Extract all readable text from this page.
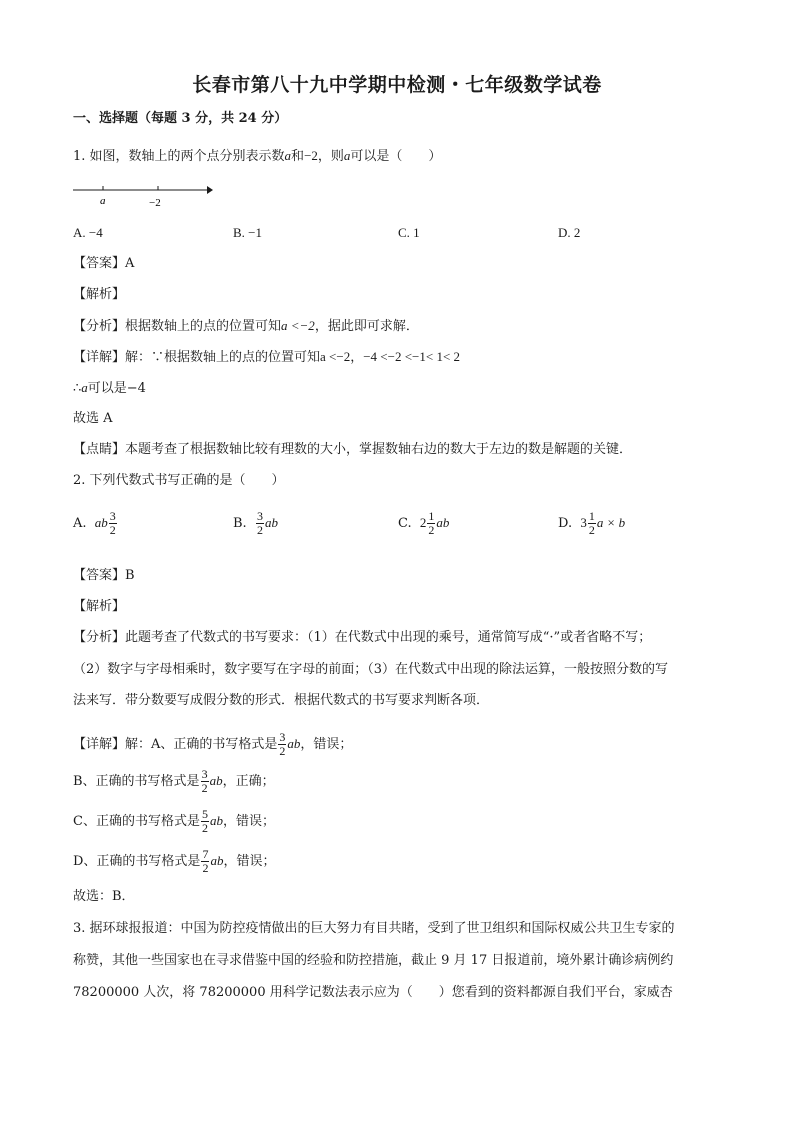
长春市第八十九中学期中检测・七年级数学试卷
一、选择题（每题 3 分，共 24 分）
1. 如图，数轴上的两个点分别表示数a和−2，则a可以是（　　）
a	−2
A. −4	B. −1	C. 1	D. 2
【答案】A
【解析】
【分析】根据数轴上的点的位置可知a <−2，据此即可求解．
【详解】解：∵根据数轴上的点的位置可知a <−2，−4 <−2 <−1< 1< 2
∴a可以是−4
故选 A
【点睛】本题考查了根据数轴比较有理数的大小，掌握数轴右边的数大于左边的数是解题的关键．
2. 下列代数式书写正确的是（　　）
A. ab $\frac{3}{2}$	B. $\frac{3}{2}$ ab	C. $2 \frac{1}{2}$ ab	D. $3 \frac{1}{2}$ a × b
【答案】B
【解析】
【分析】此题考查了代数式的书写要求：（1）在代数式中出现的乘号，通常简写成“·”或者省略不写；
（2）数字与字母相乘时，数字要写在字母的前面；（3）在代数式中出现的除法运算，一般按照分数的写
法来写．带分数要写成假分数的形式．根据代数式的书写要求判断各项．
【详解】解：A、正确的书写格式是 $\frac{3}{2}$ ab，错误；
B、正确的书写格式是 $\frac{3}{2}$ ab，正确；
C、正确的书写格式是 $\frac{5}{2}$ ab，错误；
D、正确的书写格式是 $\frac{7}{2}$ ab，错误；
故选：B．
3. 据环球报报道：中国为防控疫情做出的巨大努力有目共睹，受到了世卫组织和国际权威公共卫生专家的
称赞，其他一些国家也在寻求借鉴中国的经验和防控措施，截止 9 月 17 日报道前，境外累计确诊病例约
78200000 人次，将 78200000 用科学记数法表示应为（　　）您看到的资料都源自我们平台，家威杏
